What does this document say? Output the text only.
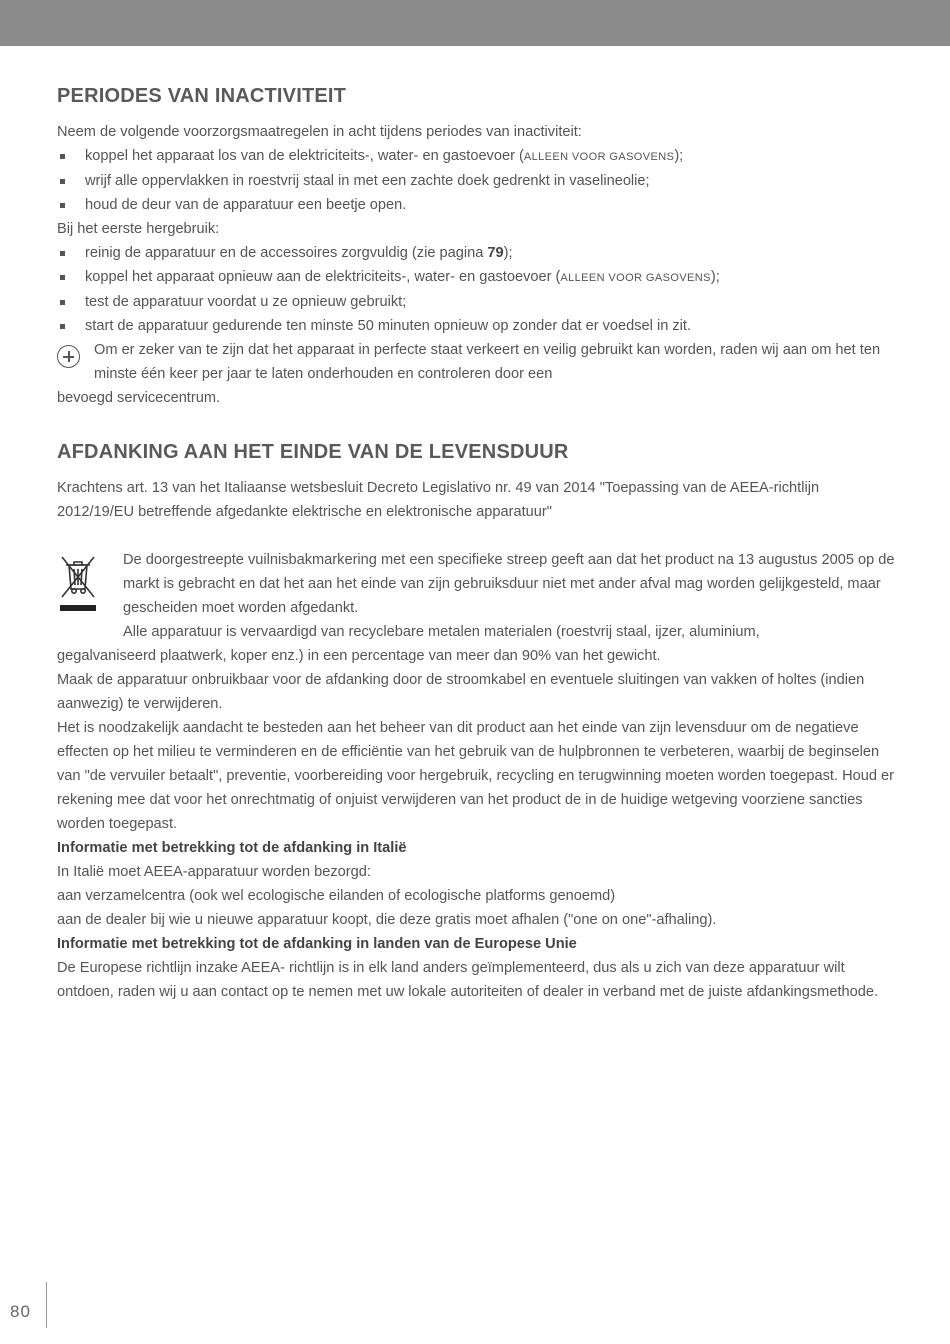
PERIODES VAN INACTIVITEIT

Neem de volgende voorzorgsmaatregelen in acht tijdens periodes van inactiviteit:

koppel het apparaat los van de elektriciteits-, water- en gastoevoer (ALLEEN VOOR GASOVENS);
wrijf alle oppervlakken in roestvrij staal in met een zachte doek gedrenkt in vaselineolie;
houd de deur van de apparatuur een beetje open.

Bij het eerste hergebruik:

reinig de apparatuur en de accessoires zorgvuldig (zie pagina 79);
koppel het apparaat opnieuw aan de elektriciteits-, water- en gastoevoer (ALLEEN VOOR GASOVENS);
test de apparatuur voordat u ze opnieuw gebruikt;
start de apparatuur gedurende ten minste 50 minuten opnieuw op zonder dat er voedsel in zit.
Om er zeker van te zijn dat het apparaat in perfecte staat verkeert en veilig gebruikt kan worden, raden wij aan om het ten minste één keer per jaar te laten onderhouden en controleren door een
bevoegd servicecentrum.
AFDANKING AAN HET EINDE VAN DE LEVENSDUUR

Krachtens art. 13 van het Italiaanse wetsbesluit Decreto Legislativo nr. 49 van 2014 "Toepassing van de AEEA-richtlijn 2012/19/EU betreffende afgedankte elektrische en elektronische apparatuur"

De doorgestreepte vuilnisbakmarkering met een specifieke streep geeft aan dat het product na 13 augustus 2005 op de markt is gebracht en dat het aan het einde van zijn gebruiksduur niet met ander afval mag worden gelijkgesteld, maar gescheiden moet worden afgedankt.

Alle apparatuur is vervaardigd van recyclebare metalen materialen (roestvrij staal, ijzer, aluminium,

gegalvaniseerd plaatwerk, koper enz.) in een percentage van meer dan 90% van het gewicht.

Maak de apparatuur onbruikbaar voor de afdanking door de stroomkabel en eventuele sluitingen van vakken of holtes (indien aanwezig) te verwijderen.

Het is noodzakelijk aandacht te besteden aan het beheer van dit product aan het einde van zijn levensduur om de negatieve effecten op het milieu te verminderen en de efficiëntie van het gebruik van de hulpbronnen te verbeteren, waarbij de beginselen van "de vervuiler betaalt", preventie, voorbereiding voor hergebruik, recycling en terugwinning moeten worden toegepast. Houd er rekening mee dat voor het onrechtmatig of onjuist verwijderen van het product de in de huidige wetgeving voorziene sancties worden toegepast.

Informatie met betrekking tot de afdanking in Italië

In Italië moet AEEA-apparatuur worden bezorgd:

aan verzamelcentra (ook wel ecologische eilanden of ecologische platforms genoemd)

aan de dealer bij wie u nieuwe apparatuur koopt, die deze gratis moet afhalen ("one on one"-afhaling).

Informatie met betrekking tot de afdanking in landen van de Europese Unie

De Europese richtlijn inzake AEEA- richtlijn is in elk land anders geïmplementeerd, dus als u zich van deze apparatuur wilt ontdoen, raden wij u aan contact op te nemen met uw lokale autoriteiten of dealer in verband met de juiste afdankingsmethode.

80
